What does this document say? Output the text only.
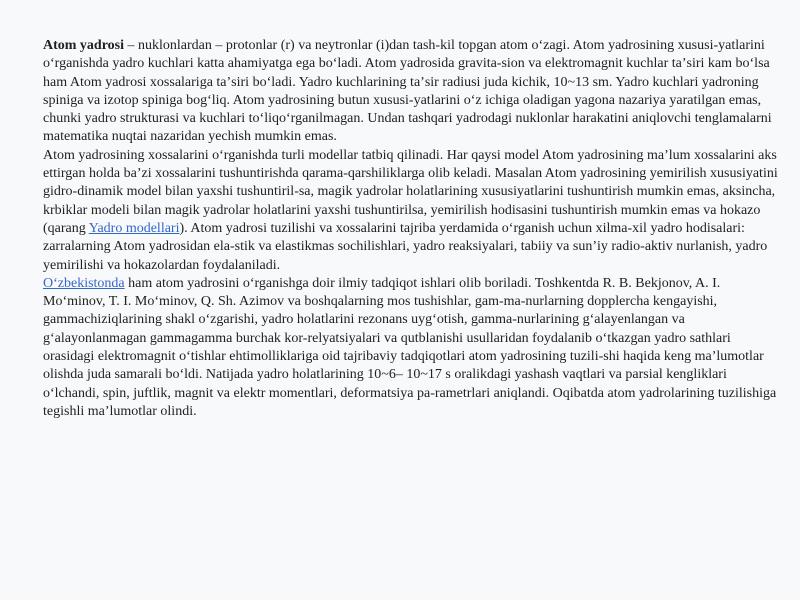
Atom yadrosi – nuklonlardan – protonlar (r) va neytronlar (i)dan tash-kil topgan atom oʻzagi. Atom yadrosining xususi-yatlarini oʻrganishda yadro kuchlari katta ahamiyatga ega boʻladi. Atom yadrosida gravita-sion va elektromagnit kuchlar taʼsiri kam boʻlsa ham Atom yadrosi xossalariga taʼsiri boʻladi. Yadro kuchlarining taʼsir radiusi juda kichik, 10~13 sm. Yadro kuchlari yadroning spiniga va izotop spiniga bogʻliq. Atom yadrosining butun xususi-yatlarini oʻz ichiga oladigan yagona nazariya yaratilgan emas, chunki yadro strukturasi va kuchlari toʻliqoʻrganilmagan. Undan tashqari yadrodagi nuklonlar harakatini aniqlovchi tenglamalarni matematika nuqtai nazaridan yechish mumkin emas.

Atom yadrosining xossalarini oʻrganishda turli modellar tatbiq qilinadi. Har qaysi model Atom yadrosining maʼlum xossalarini aks ettirgan holda baʼzi xossalarini tushuntirishda qarama-qarshiliklarga olib keladi. Masalan Atom yadrosining yemirilish xususiyatini gidro-dinamik model bilan yaxshi tushuntiril-sa, magik yadrolar holatlarining xususiyatlarini tushuntirish mumkin emas, aksincha, krbiklar modeli bilan magik yadrolar holatlarini yaxshi tushuntirilsa, yemirilish hodisasini tushuntirish mumkin emas va hokazo (qarang Yadro modellari). Atom yadrosi tuzilishi va xossalarini tajriba yerdamida oʻrganish uchun xilma-xil yadro hodisalari: zarralarning Atom yadrosidan ela-stik va elastikmas sochilishlari, yadro reaksiyalari, tabiiy va sunʼiy radio-aktiv nurlanish, yadro yemirilishi va hokazolardan foydalaniladi.

Oʻzbekistonda ham atom yadrosini oʻrganishga doir ilmiy tadqiqot ishlari olib boriladi. Toshkentda R. B. Bekjonov, A. I. Moʻminov, T. I. Moʻminov, Q. Sh. Azimov va boshqalarning mos tushishlar, gam-ma-nurlarning dopplercha kengayishi, gammachiziqlarining shakl oʻzgarishi, yadro holatlarini rezonans uygʻotish, gamma-nurlarining gʻalayenlangan va gʻalayonlanmagan gammagamma burchak kor-relyatsiyalari va qutblanishi usullaridan foydalanib oʻtkazgan yadro sathlari orasidagi elektromagnit oʻtishlar ehtimolliklariga oid tajribaviy tadqiqotlari atom yadrosining tuzili-shi haqida keng maʼlumotlar olishda juda samarali boʻldi. Natijada yadro holatlarining 10~6– 10~17 s oralikdagi yashash vaqtlari va parsial kengliklari oʻlchandi, spin, juftlik, magnit va elektr momentlari, deformatsiya pa-rametrlari aniqlandi. Oqibatda atom yadrolarining tuzilishiga tegishli maʼlumotlar olindi.
